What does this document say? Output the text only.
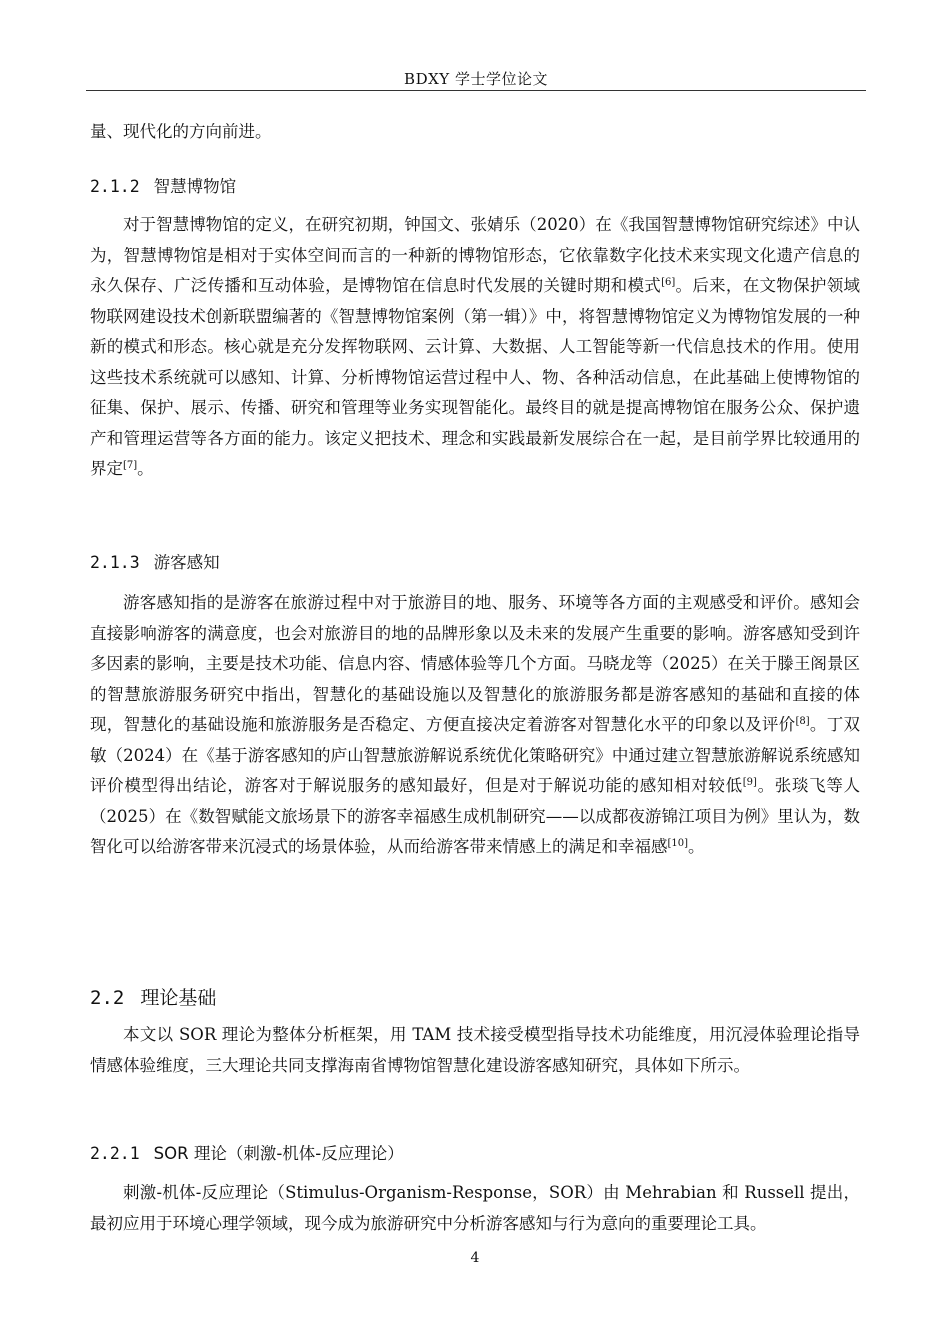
BDXY 学士学位论文

量、现代化的方向前进。

2.1.2 智慧博物馆

对于智慧博物馆的定义，在研究初期，钟国文、张婧乐（2020）在《我国智慧博物馆研究综述》中认为，智慧博物馆是相对于实体空间而言的一种新的博物馆形态，它依靠数字化技术来实现文化遗产信息的永久保存、广泛传播和互动体验，是博物馆在信息时代发展的关键时期和模式[6]。后来，在文物保护领域物联网建设技术创新联盟编著的《智慧博物馆案例（第一辑）》中，将智慧博物馆定义为博物馆发展的一种新的模式和形态。核心就是充分发挥物联网、云计算、大数据、人工智能等新一代信息技术的作用。使用这些技术系统就可以感知、计算、分析博物馆运营过程中人、物、各种活动信息，在此基础上使博物馆的征集、保护、展示、传播、研究和管理等业务实现智能化。最终目的就是提高博物馆在服务公众、保护遗产和管理运营等各方面的能力。该定义把技术、理念和实践最新发展综合在一起，是目前学界比较通用的界定[7]。

2.1.3 游客感知

游客感知指的是游客在旅游过程中对于旅游目的地、服务、环境等各方面的主观感受和评价。感知会直接影响游客的满意度，也会对旅游目的地的品牌形象以及未来的发展产生重要的影响。游客感知受到许多因素的影响，主要是技术功能、信息内容、情感体验等几个方面。马晓龙等（2025）在关于滕王阁景区的智慧旅游服务研究中指出，智慧化的基础设施以及智慧化的旅游服务都是游客感知的基础和直接的体现，智慧化的基础设施和旅游服务是否稳定、方便直接决定着游客对智慧化水平的印象以及评价[8]。丁双敏（2024）在《基于游客感知的庐山智慧旅游解说系统优化策略研究》中通过建立智慧旅游解说系统感知评价模型得出结论，游客对于解说服务的感知最好，但是对于解说功能的感知相对较低[9]。张琰飞等人（2025）在《数智赋能文旅场景下的游客幸福感生成机制研究——以成都夜游锦江项目为例》里认为，数智化可以给游客带来沉浸式的场景体验，从而给游客带来情感上的满足和幸福感[10]。

2.2 理论基础

本文以 SOR 理论为整体分析框架，用 TAM 技术接受模型指导技术功能维度，用沉浸体验理论指导情感体验维度，三大理论共同支撑海南省博物馆智慧化建设游客感知研究，具体如下所示。

2.2.1 SOR 理论（刺激-机体-反应理论）

刺激-机体-反应理论（Stimulus-Organism-Response，SOR）由 Mehrabian 和 Russell 提出，最初应用于环境心理学领域，现今成为旅游研究中分析游客感知与行为意向的重要理论工具。

4
